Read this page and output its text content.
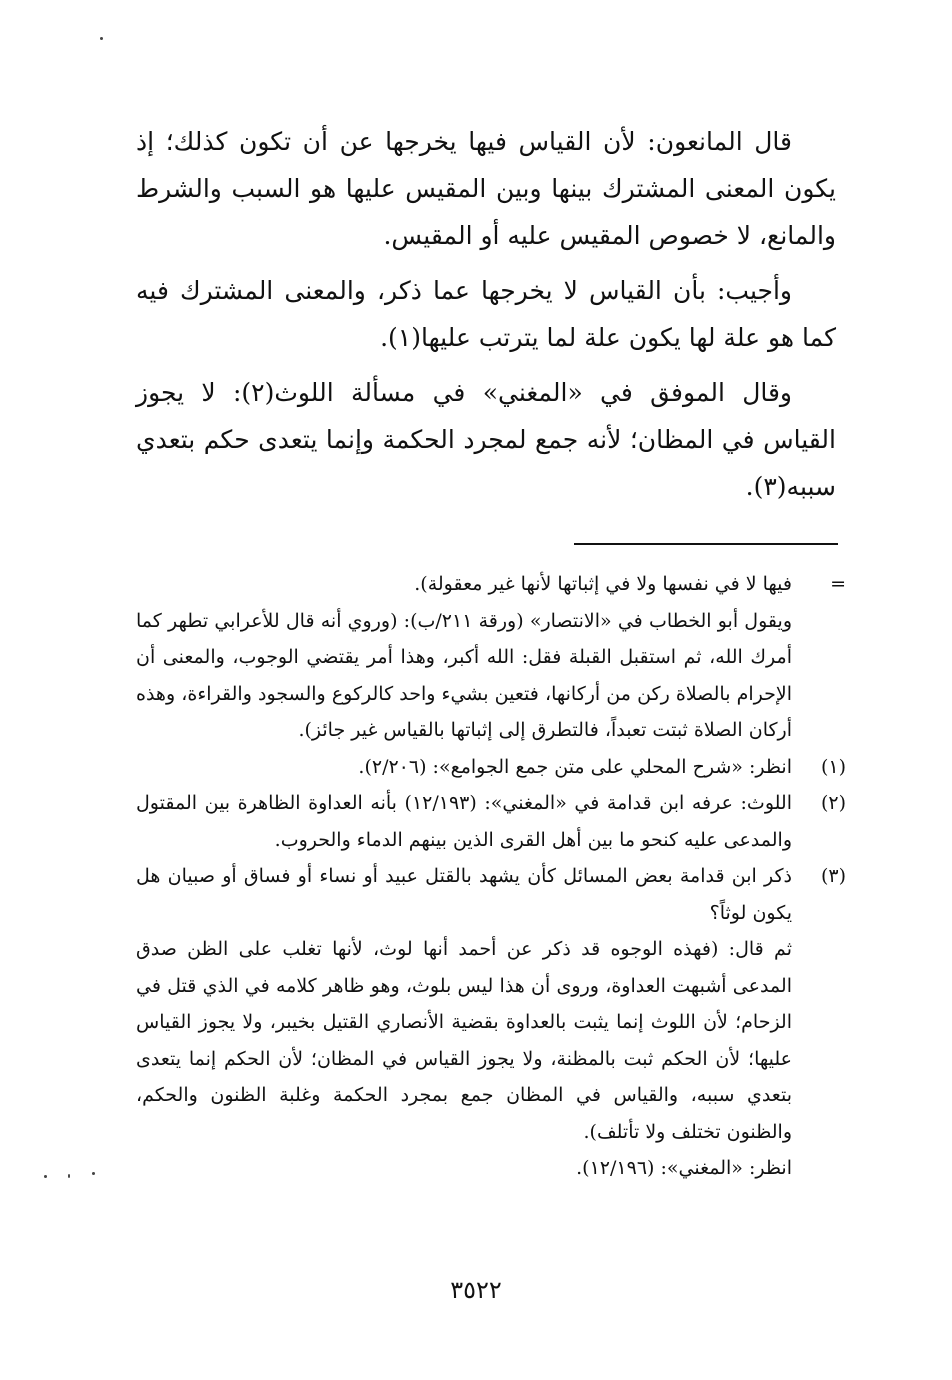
قال المانعون: لأن القياس فيها يخرجها عن أن تكون كذلك؛ إذ يكون المعنى المشترك بينها وبين المقيس عليها هو السبب والشرط والمانع، لا خصوص المقيس عليه أو المقيس.

وأجيب: بأن القياس لا يخرجها عما ذكر، والمعنى المشترك فيه كما هو علة لها يكون علة لما يترتب عليها(١).

وقال الموفق في «المغني» في مسألة اللوث(٢): لا يجوز القياس في المظان؛ لأنه جمع لمجرد الحكمة وإنما يتعدى حكم بتعدي سببه(٣).

=

فيها لا في نفسها ولا في إثباتها لأنها غير معقولة).

ويقول أبو الخطاب في «الانتصار» (ورقة ٢١١/ب): (وروي أنه قال للأعرابي تطهر كما أمرك الله، ثم استقبل القبلة فقل: الله أكبر، وهذا أمر يقتضي الوجوب، والمعنى أن الإحرام بالصلاة ركن من أركانها، فتعين بشيء واحد كالركوع والسجود والقراءة، وهذه أركان الصلاة ثبتت تعبداً، فالتطرق إلى إثباتها بالقياس غير جائز).

(١)

انظر: «شرح المحلي على متن جمع الجوامع»: (٢/٢٠٦).

(٢)

اللوث: عرفه ابن قدامة في «المغني»: (١٢/١٩٣) بأنه العداوة الظاهرة بين المقتول والمدعى عليه كنحو ما بين أهل القرى الذين بينهم الدماء والحروب.

(٣)

ذكر ابن قدامة بعض المسائل كأن يشهد بالقتل عبيد أو نساء أو فساق أو صبيان هل يكون لوثاً؟

ثم قال: (فهذه الوجوه قد ذكر عن أحمد أنها لوث، لأنها تغلب على الظن صدق المدعى أشبهت العداوة، وروى أن هذا ليس بلوث، وهو ظاهر كلامه في الذي قتل في الزحام؛ لأن اللوث إنما يثبت بالعداوة بقضية الأنصاري القتيل بخيبر، ولا يجوز القياس عليها؛ لأن الحكم ثبت بالمظنة، ولا يجوز القياس في المظان؛ لأن الحكم إنما يتعدى بتعدي سببه، والقياس في المظان جمع بمجرد الحكمة وغلبة الظنون والحكم، والظنون تختلف ولا تأتلف).

انظر: «المغني»: (١٢/١٩٦).

٣٥٢٢
